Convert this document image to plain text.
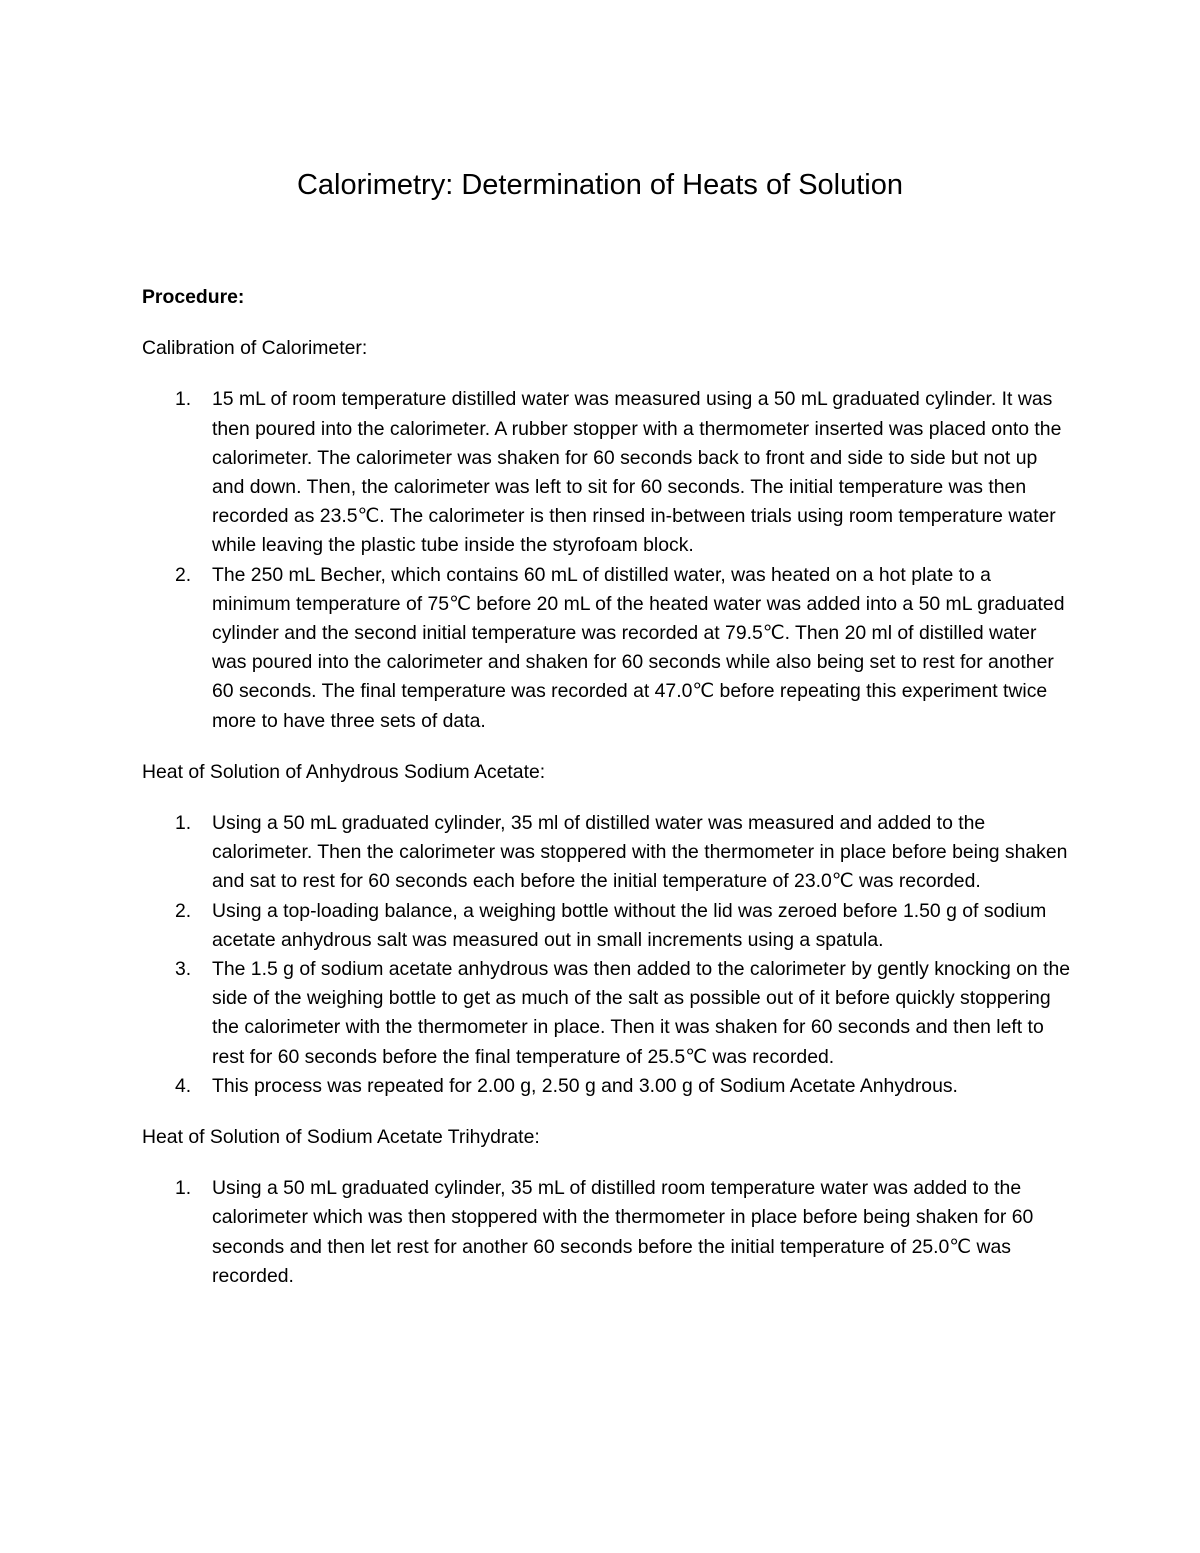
Calorimetry: Determination of Heats of Solution

Procedure:

Calibration of Calorimeter:

1. 15 mL of room temperature distilled water was measured using a 50 mL graduated cylinder. It was then poured into the calorimeter. A rubber stopper with a thermometer inserted was placed onto the calorimeter. The calorimeter was shaken for 60 seconds back to front and side to side but not up and down. Then, the calorimeter was left to sit for 60 seconds. The initial temperature was then recorded as 23.5℃. The calorimeter is then rinsed in-between trials using room temperature water while leaving the plastic tube inside the styrofoam block.
2. The 250 mL Becher, which contains 60 mL of distilled water, was heated on a hot plate to a minimum temperature of 75℃ before 20 mL of the heated water was added into a 50 mL graduated cylinder and the second initial temperature was recorded at 79.5℃. Then 20 ml of distilled water was poured into the calorimeter and shaken for 60 seconds while also being set to rest for another 60 seconds. The final temperature was recorded at 47.0℃ before repeating this experiment twice more to have three sets of data.

Heat of Solution of Anhydrous Sodium Acetate:

1. Using a 50 mL graduated cylinder, 35 ml of distilled water was measured and added to the calorimeter. Then the calorimeter was stoppered with the thermometer in place before being shaken and sat to rest for 60 seconds each before the initial temperature of 23.0℃ was recorded.
2. Using a top-loading balance, a weighing bottle without the lid was zeroed before 1.50 g of sodium acetate anhydrous salt was measured out in small increments using a spatula.
3. The 1.5 g of sodium acetate anhydrous was then added to the calorimeter by gently knocking on the side of the weighing bottle to get as much of the salt as possible out of it before quickly stoppering the calorimeter with the thermometer in place. Then it was shaken for 60 seconds and then left to rest for 60 seconds before the final temperature of 25.5℃ was recorded.
4. This process was repeated for 2.00 g, 2.50 g and 3.00 g of Sodium Acetate Anhydrous.

Heat of Solution of Sodium Acetate Trihydrate:

1. Using a 50 mL graduated cylinder, 35 mL of distilled room temperature water was added to the calorimeter which was then stoppered with the thermometer in place before being shaken for 60 seconds and then let rest for another 60 seconds before the initial temperature of 25.0℃ was recorded.
